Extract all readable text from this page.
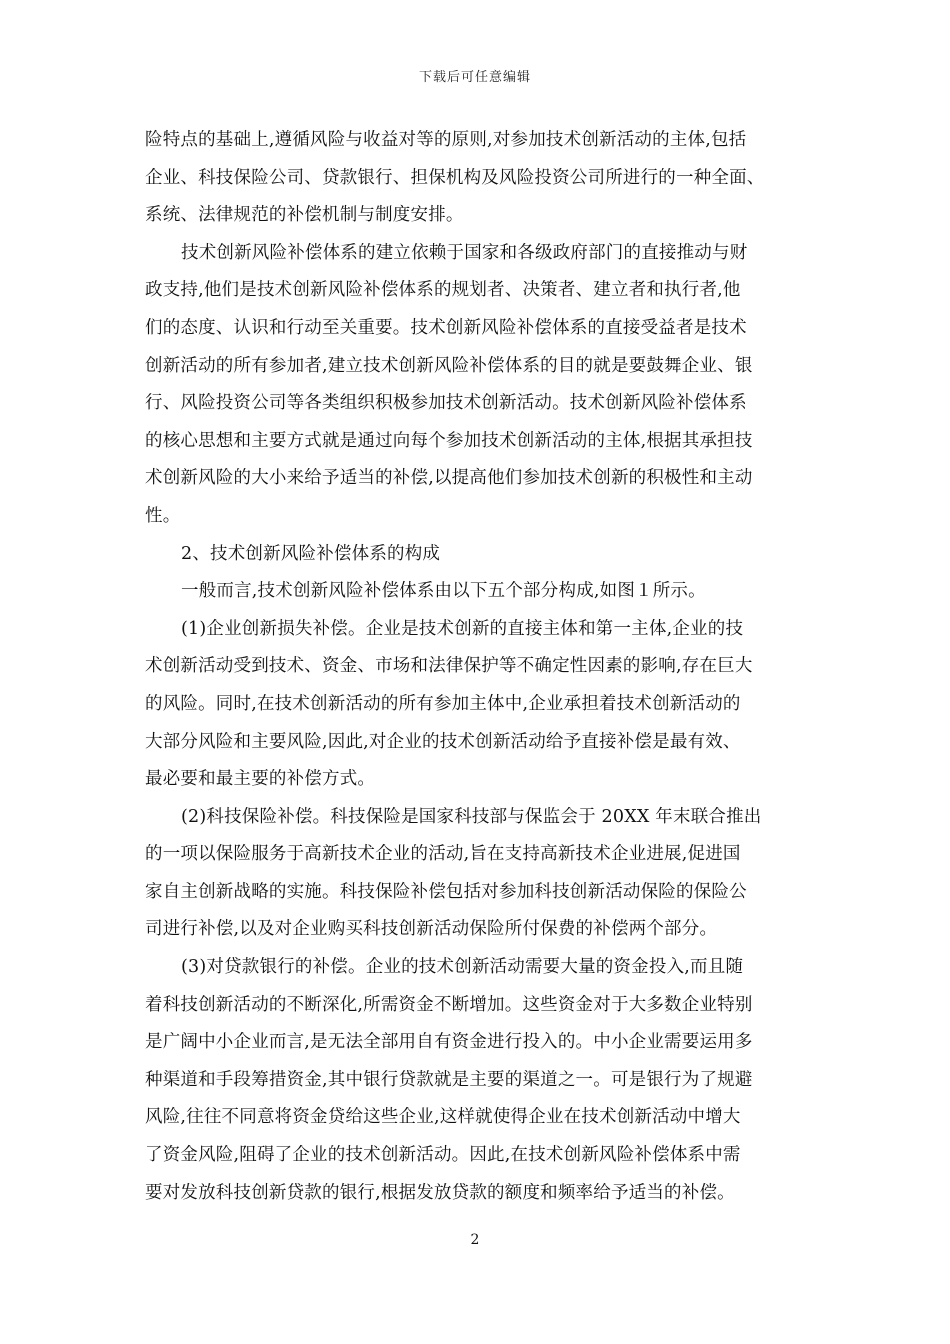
下载后可任意编辑
险特点的基础上,遵循风险与收益对等的原则,对参加技术创新活动的主体,包括
企业、科技保险公司、贷款银行、担保机构及风险投资公司所进行的一种全面、
系统、法律规范的补偿机制与制度安排。
技术创新风险补偿体系的建立依赖于国家和各级政府部门的直接推动与财
政支持,他们是技术创新风险补偿体系的规划者、决策者、建立者和执行者,他
们的态度、认识和行动至关重要。技术创新风险补偿体系的直接受益者是技术
创新活动的所有参加者,建立技术创新风险补偿体系的目的就是要鼓舞企业、银
行、风险投资公司等各类组织积极参加技术创新活动。技术创新风险补偿体系
的核心思想和主要方式就是通过向每个参加技术创新活动的主体,根据其承担技
术创新风险的大小来给予适当的补偿,以提高他们参加技术创新的积极性和主动
性。
2、技术创新风险补偿体系的构成
一般而言,技术创新风险补偿体系由以下五个部分构成,如图１所示。
(1)企业创新损失补偿。企业是技术创新的直接主体和第一主体,企业的技
术创新活动受到技术、资金、市场和法律保护等不确定性因素的影响,存在巨大
的风险。同时,在技术创新活动的所有参加主体中,企业承担着技术创新活动的
大部分风险和主要风险,因此,对企业的技术创新活动给予直接补偿是最有效、
最必要和最主要的补偿方式。
(2)科技保险补偿。科技保险是国家科技部与保监会于 20XX 年末联合推出
的一项以保险服务于高新技术企业的活动,旨在支持高新技术企业进展,促进国
家自主创新战略的实施。科技保险补偿包括对参加科技创新活动保险的保险公
司进行补偿,以及对企业购买科技创新活动保险所付保费的补偿两个部分。
(3)对贷款银行的补偿。企业的技术创新活动需要大量的资金投入,而且随
着科技创新活动的不断深化,所需资金不断增加。这些资金对于大多数企业特别
是广阔中小企业而言,是无法全部用自有资金进行投入的。中小企业需要运用多
种渠道和手段筹措资金,其中银行贷款就是主要的渠道之一。可是银行为了规避
风险,往往不同意将资金贷给这些企业,这样就使得企业在技术创新活动中增大
了资金风险,阻碍了企业的技术创新活动。因此,在技术创新风险补偿体系中需
要对发放科技创新贷款的银行,根据发放贷款的额度和频率给予适当的补偿。
2
